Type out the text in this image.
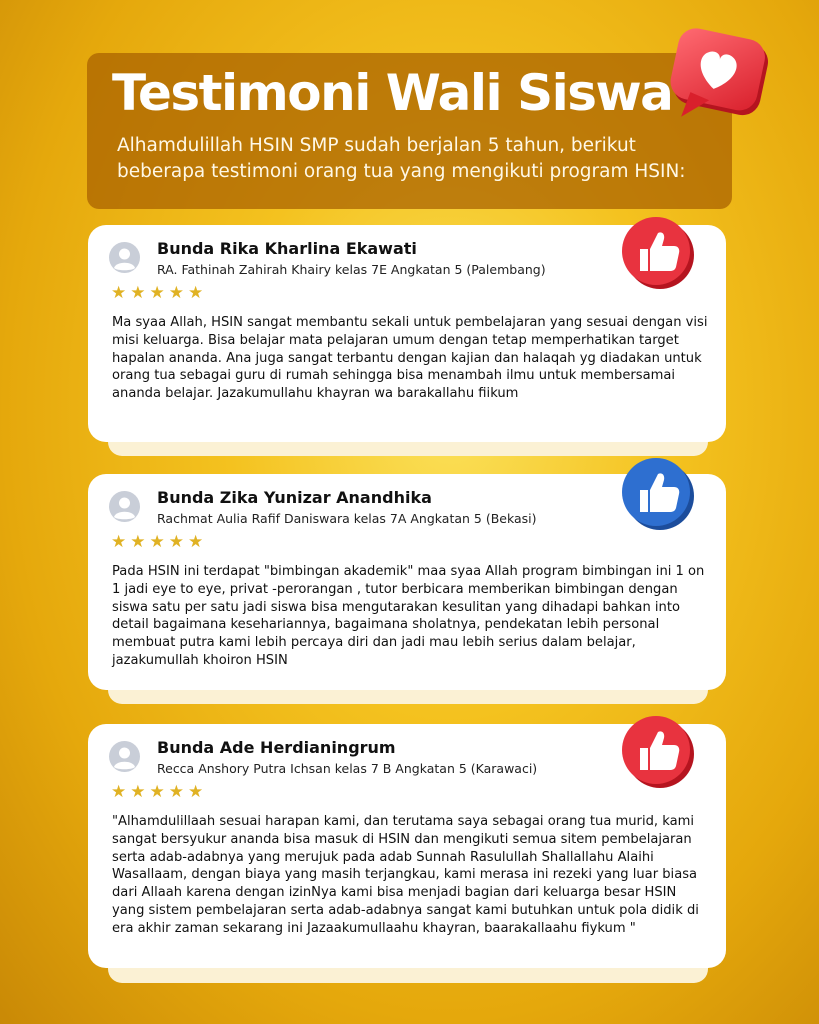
Testimoni Wali Siswa
Alhamdulillah HSIN SMP sudah berjalan 5 tahun, berikut beberapa testimoni orang tua yang mengikuti program HSIN:
Bunda Rika Kharlina Ekawati
RA. Fathinah Zahirah Khairy kelas 7E Angkatan 5 (Palembang)
★★★★★
Ma syaa Allah, HSIN sangat membantu sekali untuk pembelajaran yang sesuai dengan visi misi keluarga. Bisa belajar mata pelajaran umum dengan tetap memperhatikan target hapalan ananda. Ana juga sangat terbantu dengan kajian dan halaqah yg diadakan untuk orang tua sebagai guru di rumah sehingga bisa menambah ilmu untuk membersamai ananda belajar. Jazakumullahu khayran wa barakallahu fiikum
Bunda Zika Yunizar Anandhika
Rachmat Aulia Rafif Daniswara kelas 7A Angkatan 5 (Bekasi)
★★★★★
Pada HSIN ini terdapat "bimbingan akademik" maa syaa Allah program bimbingan ini 1 on 1 jadi eye to eye, privat -perorangan , tutor berbicara memberikan bimbingan dengan siswa satu per satu jadi siswa bisa mengutarakan kesulitan yang dihadapi bahkan into detail bagaimana kesehariannya, bagaimana sholatnya, pendekatan lebih personal membuat putra kami lebih percaya diri dan jadi mau lebih serius dalam belajar, jazakumullah khoiron HSIN
Bunda Ade Herdianingrum
Recca Anshory Putra Ichsan kelas 7 B Angkatan 5 (Karawaci)
★★★★★
"Alhamdulillaah sesuai harapan kami, dan terutama saya sebagai orang tua murid, kami sangat bersyukur ananda bisa masuk di HSIN dan mengikuti semua sitem pembelajaran serta adab-adabnya yang merujuk pada adab Sunnah Rasulullah Shallallahu Alaihi Wasallaam, dengan biaya yang masih terjangkau, kami merasa ini rezeki yang luar biasa dari Allaah karena dengan izinNya kami bisa menjadi bagian dari keluarga besar HSIN yang sistem pembelajaran serta adab-adabnya sangat kami butuhkan untuk pola didik di era akhir zaman sekarang ini Jazaakumullaahu khayran, baarakallaahu fiykum "
